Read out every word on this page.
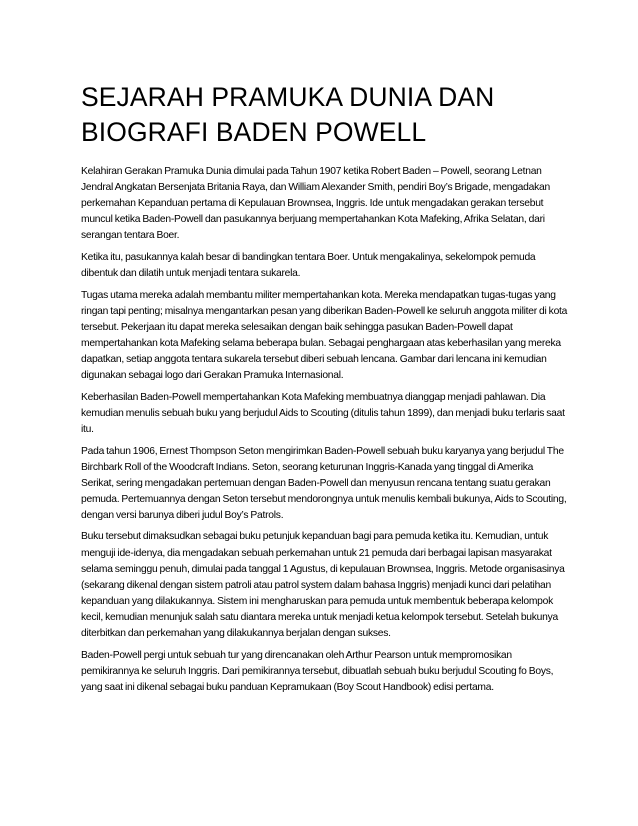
SEJARAH PRAMUKA DUNIA DAN
BIOGRAFI BADEN POWELL

Kelahiran Gerakan Pramuka Dunia dimulai pada Tahun 1907 ketika Robert Baden – Powell, seorang Letnan Jendral Angkatan Bersenjata Britania Raya, dan William Alexander Smith, pendiri Boy’s Brigade, mengadakan perkemahan Kepanduan pertama di Kepulauan Brownsea, Inggris. Ide untuk mengadakan gerakan tersebut muncul ketika Baden-Powell dan pasukannya berjuang mempertahankan Kota Mafeking, Afrika Selatan, dari serangan tentara Boer.

Ketika itu, pasukannya kalah besar di bandingkan tentara Boer. Untuk mengakalinya, sekelompok pemuda dibentuk dan dilatih untuk menjadi tentara sukarela.

Tugas utama mereka adalah membantu militer mempertahankan kota. Mereka mendapatkan tugas-tugas yang ringan tapi penting; misalnya mengantarkan pesan yang diberikan Baden-Powell ke seluruh anggota militer di kota tersebut. Pekerjaan itu dapat mereka selesaikan dengan baik sehingga pasukan Baden-Powell dapat mempertahankan kota Mafeking selama beberapa bulan. Sebagai penghargaan atas keberhasilan yang mereka dapatkan, setiap anggota tentara sukarela tersebut diberi sebuah lencana. Gambar dari lencana ini kemudian digunakan sebagai logo dari Gerakan Pramuka Internasional.

Keberhasilan Baden-Powell mempertahankan Kota Mafeking membuatnya dianggap menjadi pahlawan. Dia kemudian menulis sebuah buku yang berjudul Aids to Scouting (ditulis tahun 1899), dan menjadi buku terlaris saat itu.

Pada tahun 1906, Ernest Thompson Seton mengirimkan Baden-Powell sebuah buku karyanya yang berjudul The Birchbark Roll of the Woodcraft Indians. Seton, seorang keturunan Inggris-Kanada yang tinggal di Amerika Serikat, sering mengadakan pertemuan dengan Baden-Powell dan menyusun rencana tentang suatu gerakan pemuda. Pertemuannya dengan Seton tersebut mendorongnya untuk menulis kembali bukunya, Aids to Scouting, dengan versi barunya diberi judul Boy’s Patrols.

Buku tersebut dimaksudkan sebagai buku petunjuk kepanduan bagi para pemuda ketika itu. Kemudian, untuk menguji ide-idenya, dia mengadakan sebuah perkemahan untuk 21 pemuda dari berbagai lapisan masyarakat selama seminggu penuh, dimulai pada tanggal 1 Agustus, di kepulauan Brownsea, Inggris. Metode organisasinya (sekarang dikenal dengan sistem patroli atau patrol system dalam bahasa Inggris) menjadi kunci dari pelatihan kepanduan yang dilakukannya. Sistem ini mengharuskan para pemuda untuk membentuk beberapa kelompok kecil, kemudian menunjuk salah satu diantara mereka untuk menjadi ketua kelompok tersebut. Setelah bukunya diterbitkan dan perkemahan yang dilakukannya berjalan dengan sukses.

Baden-Powell pergi untuk sebuah tur yang direncanakan oleh Arthur Pearson untuk mempromosikan pemikirannya ke seluruh Inggris. Dari pemikirannya tersebut, dibuatlah sebuah buku berjudul Scouting fo Boys, yang saat ini dikenal sebagai buku panduan Kepramukaan (Boy Scout Handbook) edisi pertama.
